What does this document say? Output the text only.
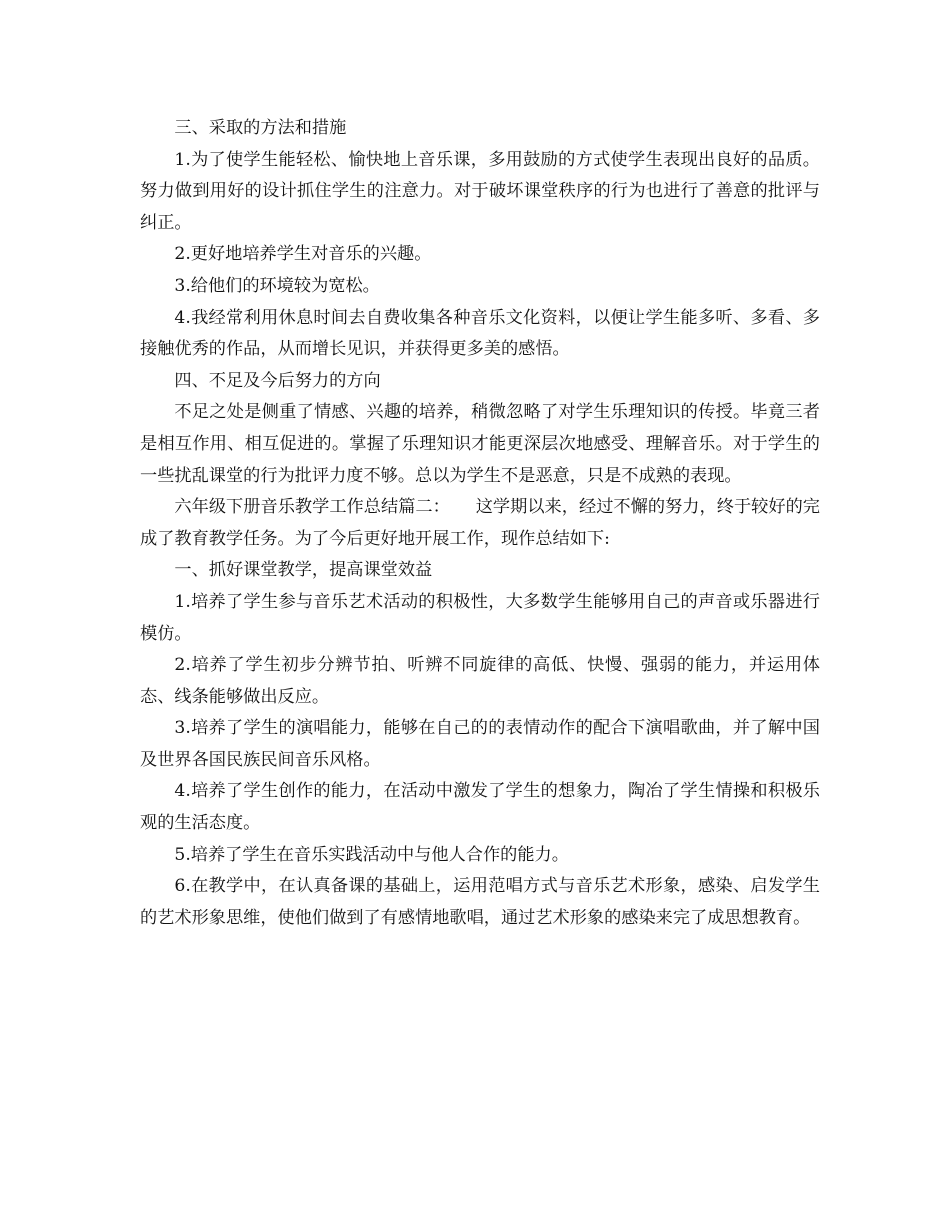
三、采取的方法和措施

1.为了使学生能轻松、愉快地上音乐课，多用鼓励的方式使学生表现出良好的品质。努力做到用好的设计抓住学生的注意力。对于破坏课堂秩序的行为也进行了善意的批评与纠正。

2.更好地培养学生对音乐的兴趣。

3.给他们的环境较为宽松。

4.我经常利用休息时间去自费收集各种音乐文化资料，以便让学生能多听、多看、多接触优秀的作品，从而增长见识，并获得更多美的感悟。

四、不足及今后努力的方向

不足之处是侧重了情感、兴趣的培养，稍微忽略了对学生乐理知识的传授。毕竟三者是相互作用、相互促进的。掌握了乐理知识才能更深层次地感受、理解音乐。对于学生的一些扰乱课堂的行为批评力度不够。总以为学生不是恶意，只是不成熟的表现。

六年级下册音乐教学工作总结篇二：　　这学期以来，经过不懈的努力，终于较好的完成了教育教学任务。为了今后更好地开展工作，现作总结如下:

一、抓好课堂教学，提高课堂效益

1.培养了学生参与音乐艺术活动的积极性，大多数学生能够用自己的声音或乐器进行模仿。

2.培养了学生初步分辨节拍、听辨不同旋律的高低、快慢、强弱的能力，并运用体态、线条能够做出反应。

3.培养了学生的演唱能力，能够在自己的的表情动作的配合下演唱歌曲，并了解中国及世界各国民族民间音乐风格。

4.培养了学生创作的能力，在活动中激发了学生的想象力，陶冶了学生情操和积极乐观的生活态度。

5.培养了学生在音乐实践活动中与他人合作的能力。

6.在教学中，在认真备课的基础上，运用范唱方式与音乐艺术形象，感染、启发学生的艺术形象思维，使他们做到了有感情地歌唱，通过艺术形象的感染来完了成思想教育。
